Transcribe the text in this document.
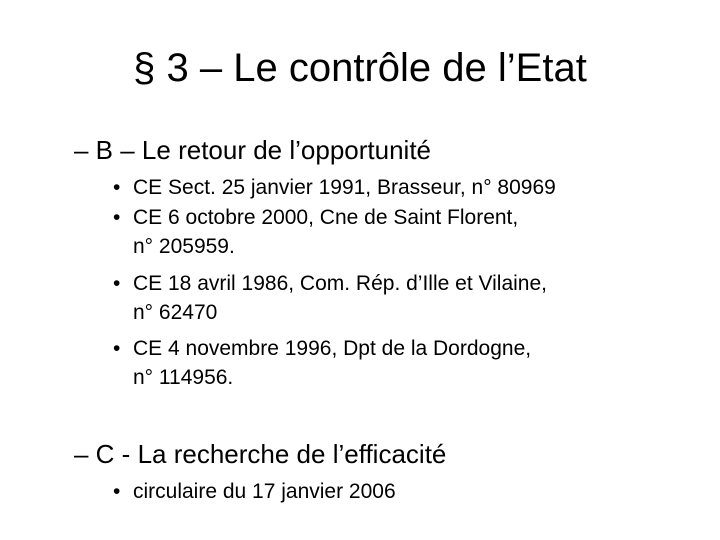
§ 3 – Le contrôle de l’Etat
– B – Le retour de l’opportunité
• CE Sect. 25 janvier 1991, Brasseur, n° 80969
• CE 6 octobre 2000, Cne de Saint Florent,
n° 205959.
• CE 18 avril 1986, Com. Rép. d’Ille et Vilaine,
n° 62470
• CE 4 novembre 1996, Dpt de la Dordogne,
n° 114956.
– C - La recherche de l’efficacité
• circulaire du 17 janvier 2006
